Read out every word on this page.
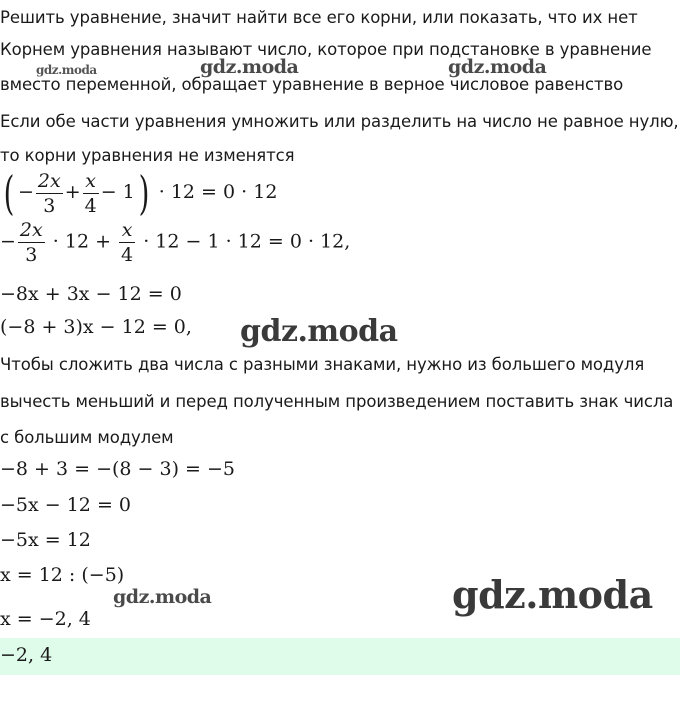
Решить уравнение, значит найти все его корни, или показать, что их нет
Корнем уравнения называют число, которое при подстановке в уравнение
вместо переменной, обращает уравнение в верное числовое равенство
Если обе части уравнения умножить или разделить на число не равное нулю,
то корни уравнения не изменятся
( − $\frac{2x}{3} + \frac{x}{4} - 1) \cdot 12 = 0 \cdot 12$
− $\frac{2x}{3} \cdot 12 + \frac{x}{4} \cdot 12 - 1 \cdot 12 = 0 \cdot 12$,
−8x + 3x − 12 = 0
(−8 + 3)x − 12 = 0,
Чтобы сложить два числа с разными знаками, нужно из большего модуля
вычесть меньший и перед полученным произведением поставить знак числа
с большим модулем
−8 + 3 = −(8 − 3) = −5
−5x − 12 = 0
−5x = 12
x = 12 : (−5)
x = −2, 4
−2, 4
gdz.moda	gdz.moda	gdz.moda
gdz.moda
gdz.moda	gdz.moda
